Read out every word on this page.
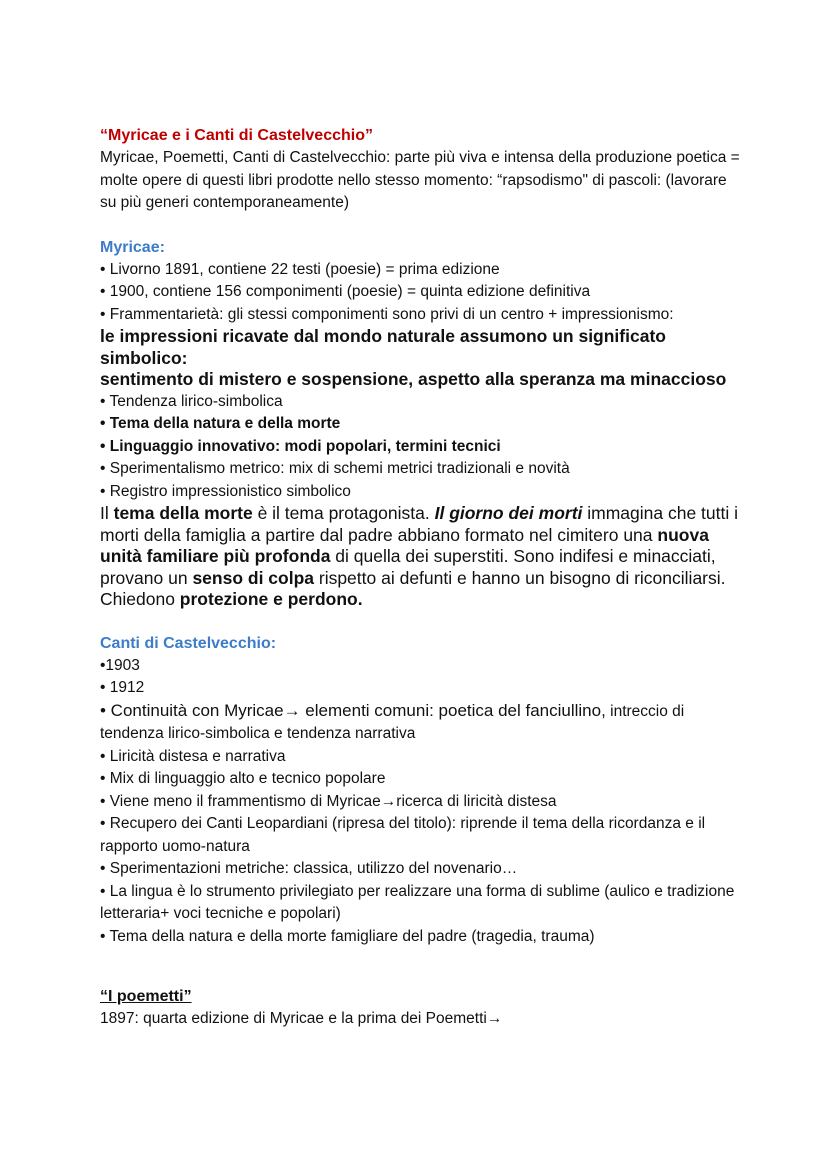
“Myricae e i Canti di Castelvecchio”

Myricae, Poemetti, Canti di Castelvecchio: parte più viva e intensa della produzione poetica = molte opere di questi libri prodotte nello stesso momento: “rapsodismo" di pascoli: (lavorare su più generi contemporaneamente)

Myricae:

• Livorno 1891, contiene 22 testi (poesie) = prima edizione

• 1900, contiene 156 componimenti (poesie) = quinta edizione definitiva

• Frammentarietà: gli stessi componimenti sono privi di un centro + impressionismo:

le impressioni ricavate dal mondo naturale assumono un significato simbolico:

sentimento di mistero e sospensione, aspetto alla speranza ma minaccioso

• Tendenza lirico-simbolica

• Tema della natura e della morte

• Linguaggio innovativo: modi popolari, termini tecnici

• Sperimentalismo metrico: mix di schemi metrici tradizionali e novità

• Registro impressionistico simbolico

Il tema della morte è il tema protagonista. Il giorno dei morti immagina che tutti i morti della famiglia a partire dal padre abbiano formato nel cimitero una nuova unità familiare più profonda di quella dei superstiti. Sono indifesi e minacciati, provano un senso di colpa rispetto ai defunti e hanno un bisogno di riconciliarsi. Chiedono protezione e perdono.

Canti di Castelvecchio:

•1903

• 1912

• Continuità con Myricae→ elementi comuni: poetica del fanciullino, intreccio di tendenza lirico-simbolica e tendenza narrativa

• Liricità distesa e narrativa

• Mix di linguaggio alto e tecnico popolare

• Viene meno il frammentismo di Myricae→ricerca di liricità distesa

• Recupero dei Canti Leopardiani (ripresa del titolo): riprende il tema della ricordanza e il rapporto uomo-natura

• Sperimentazioni metriche: classica, utilizzo del novenario…

• La lingua è lo strumento privilegiato per realizzare una forma di sublime (aulico e tradizione letteraria+ voci tecniche e popolari)

• Tema della natura e della morte famigliare del padre (tragedia, trauma)

“I poemetti”

1897: quarta edizione di Myricae e la prima dei Poemetti→
